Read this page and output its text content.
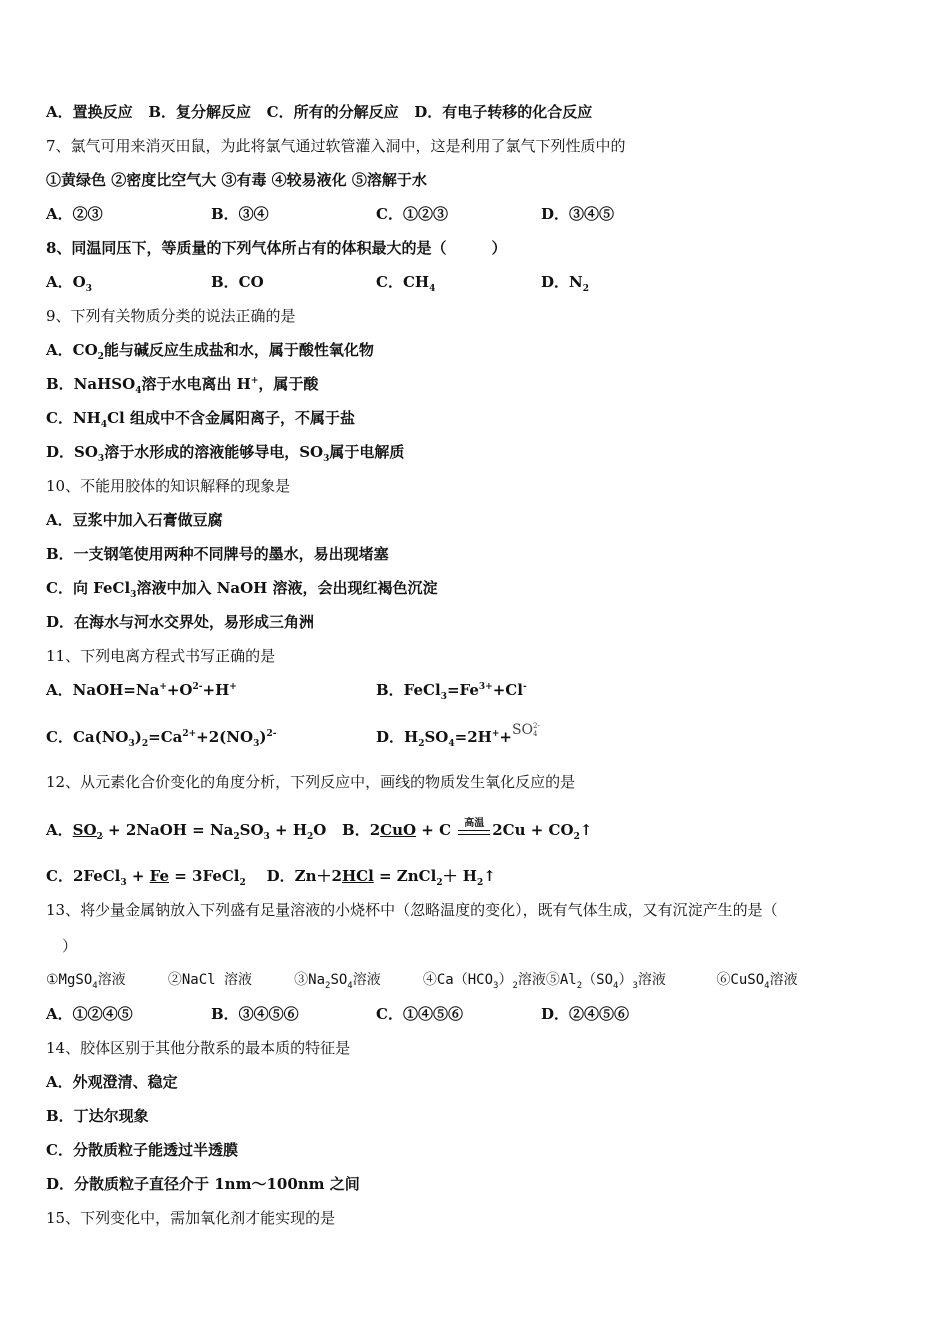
A．置换反应 B．复分解反应 C．所有的分解反应 D．有电子转移的化合反应
7、氯气可用来消灭田鼠，为此将氯气通过软管灌入洞中，这是利用了氯气下列性质中的
①黄绿色 ②密度比空气大 ③有毒 ④较易液化 ⑤溶解于水
A．②③	B．③④	C．①②③	D．③④⑤
8、同温同压下，等质量的下列气体所占有的体积最大的是（　　　）
A．$O_3$	B．CO	C．$CH_4$	D．$N_2$
9、下列有关物质分类的说法正确的是
A．$CO_2$能与碱反应生成盐和水，属于酸性氧化物
B．NaHSO$_4$溶于水电离出 H+，属于酸
C．$NH_4Cl$ 组成中不含金属阳离子，不属于盐
D．$SO_3$溶于水形成的溶液能够导电，$SO_3$属于电解质
10、不能用胶体的知识解释的现象是
A．豆浆中加入石膏做豆腐
B．一支钢笔使用两种不同牌号的墨水，易出现堵塞
C．向 FeCl$_3$溶液中加入 NaOH 溶液，会出现红褐色沉淀
D．在海水与河水交界处，易形成三角洲
11、下列电离方程式书写正确的是
A．$NaOH=Na^++O^{2-}+H^+$	B．$FeCl_3=Fe^{3+}+Cl^-$
C．$Ca(NO_3)_2=Ca^{2+}+2(NO_3)^{2-}$	D．$H_2SO_4=2H^++SO$ 2-
4
12、从元素化合价变化的角度分析，下列反应中，画线的物质发生氧化反应的是
A．$SO_2$ + 2NaOH = $Na_2SO_3 + H_2O$ B．2CuO + C 高温 $2Cu + CO_2↑$
C．2FeCl$_3$ + Fe = 3FeCl$_2$ D．Zn＋2HCl = ZnCl$_2$＋ $H_2↑$
13、将少量金属钠放入下列盛有足量溶液的小烧杯中（忽略温度的变化），既有气体生成，又有沉淀产生的是（
）
①MgSO$_4$溶液	②NaCl 溶液	$③Na_2SO_4$溶液	$④Ca(HCO_3)_2$溶液$⑤Al_2(SO_4)_3$溶液	⑥CuSO$_4$溶液
A．①②④⑤	B．③④⑤⑥	C．①④⑤⑥	D．②④⑤⑥
14、胶体区别于其他分散系的最本质的特征是
A．外观澄清、稳定
B．丁达尔现象
C．分散质粒子能透过半透膜
D．分散质粒子直径介于 1nm～100nm 之间
15、下列变化中，需加氧化剂才能实现的是
